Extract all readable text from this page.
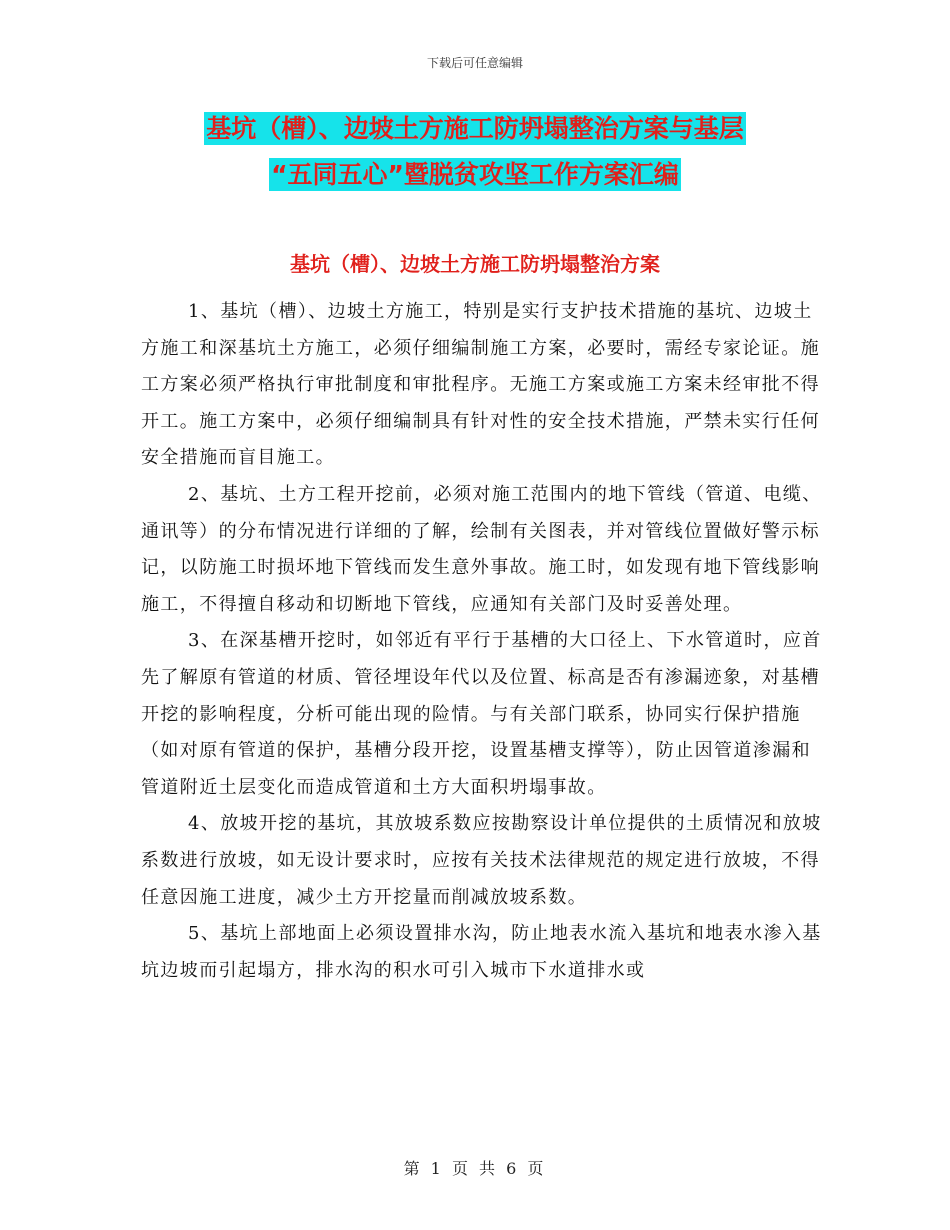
下载后可任意编辑
基坑（槽）、边坡土方施工防坍塌整治方案与基层
“五同五心”暨脱贫攻坚工作方案汇编
基坑（槽）、边坡土方施工防坍塌整治方案

1、基坑（槽）、边坡土方施工，特别是实行支护技术措施的基坑、边坡土方施工和深基坑土方施工，必须仔细编制施工方案，必要时，需经专家论证。施工方案必须严格执行审批制度和审批程序。无施工方案或施工方案未经审批不得开工。施工方案中，必须仔细编制具有针对性的安全技术措施，严禁未实行任何安全措施而盲目施工。

2、基坑、土方工程开挖前，必须对施工范围内的地下管线（管道、电缆、通讯等）的分布情况进行详细的了解，绘制有关图表，并对管线位置做好警示标记，以防施工时损坏地下管线而发生意外事故。施工时，如发现有地下管线影响施工，不得擅自移动和切断地下管线，应通知有关部门及时妥善处理。

3、在深基槽开挖时，如邻近有平行于基槽的大口径上、下水管道时，应首先了解原有管道的材质、管径埋设年代以及位置、标高是否有渗漏迹象，对基槽开挖的影响程度，分析可能出现的险情。与有关部门联系，协同实行保护措施（如对原有管道的保护，基槽分段开挖，设置基槽支撑等），防止因管道渗漏和管道附近土层变化而造成管道和土方大面积坍塌事故。

4、放坡开挖的基坑，其放坡系数应按勘察设计单位提供的土质情况和放坡系数进行放坡，如无设计要求时，应按有关技术法律规范的规定进行放坡，不得任意因施工进度，减少土方开挖量而削减放坡系数。

5、基坑上部地面上必须设置排水沟，防止地表水流入基坑和地表水渗入基坑边坡而引起塌方，排水沟的积水可引入城市下水道排水或

第 1 页 共 6 页
